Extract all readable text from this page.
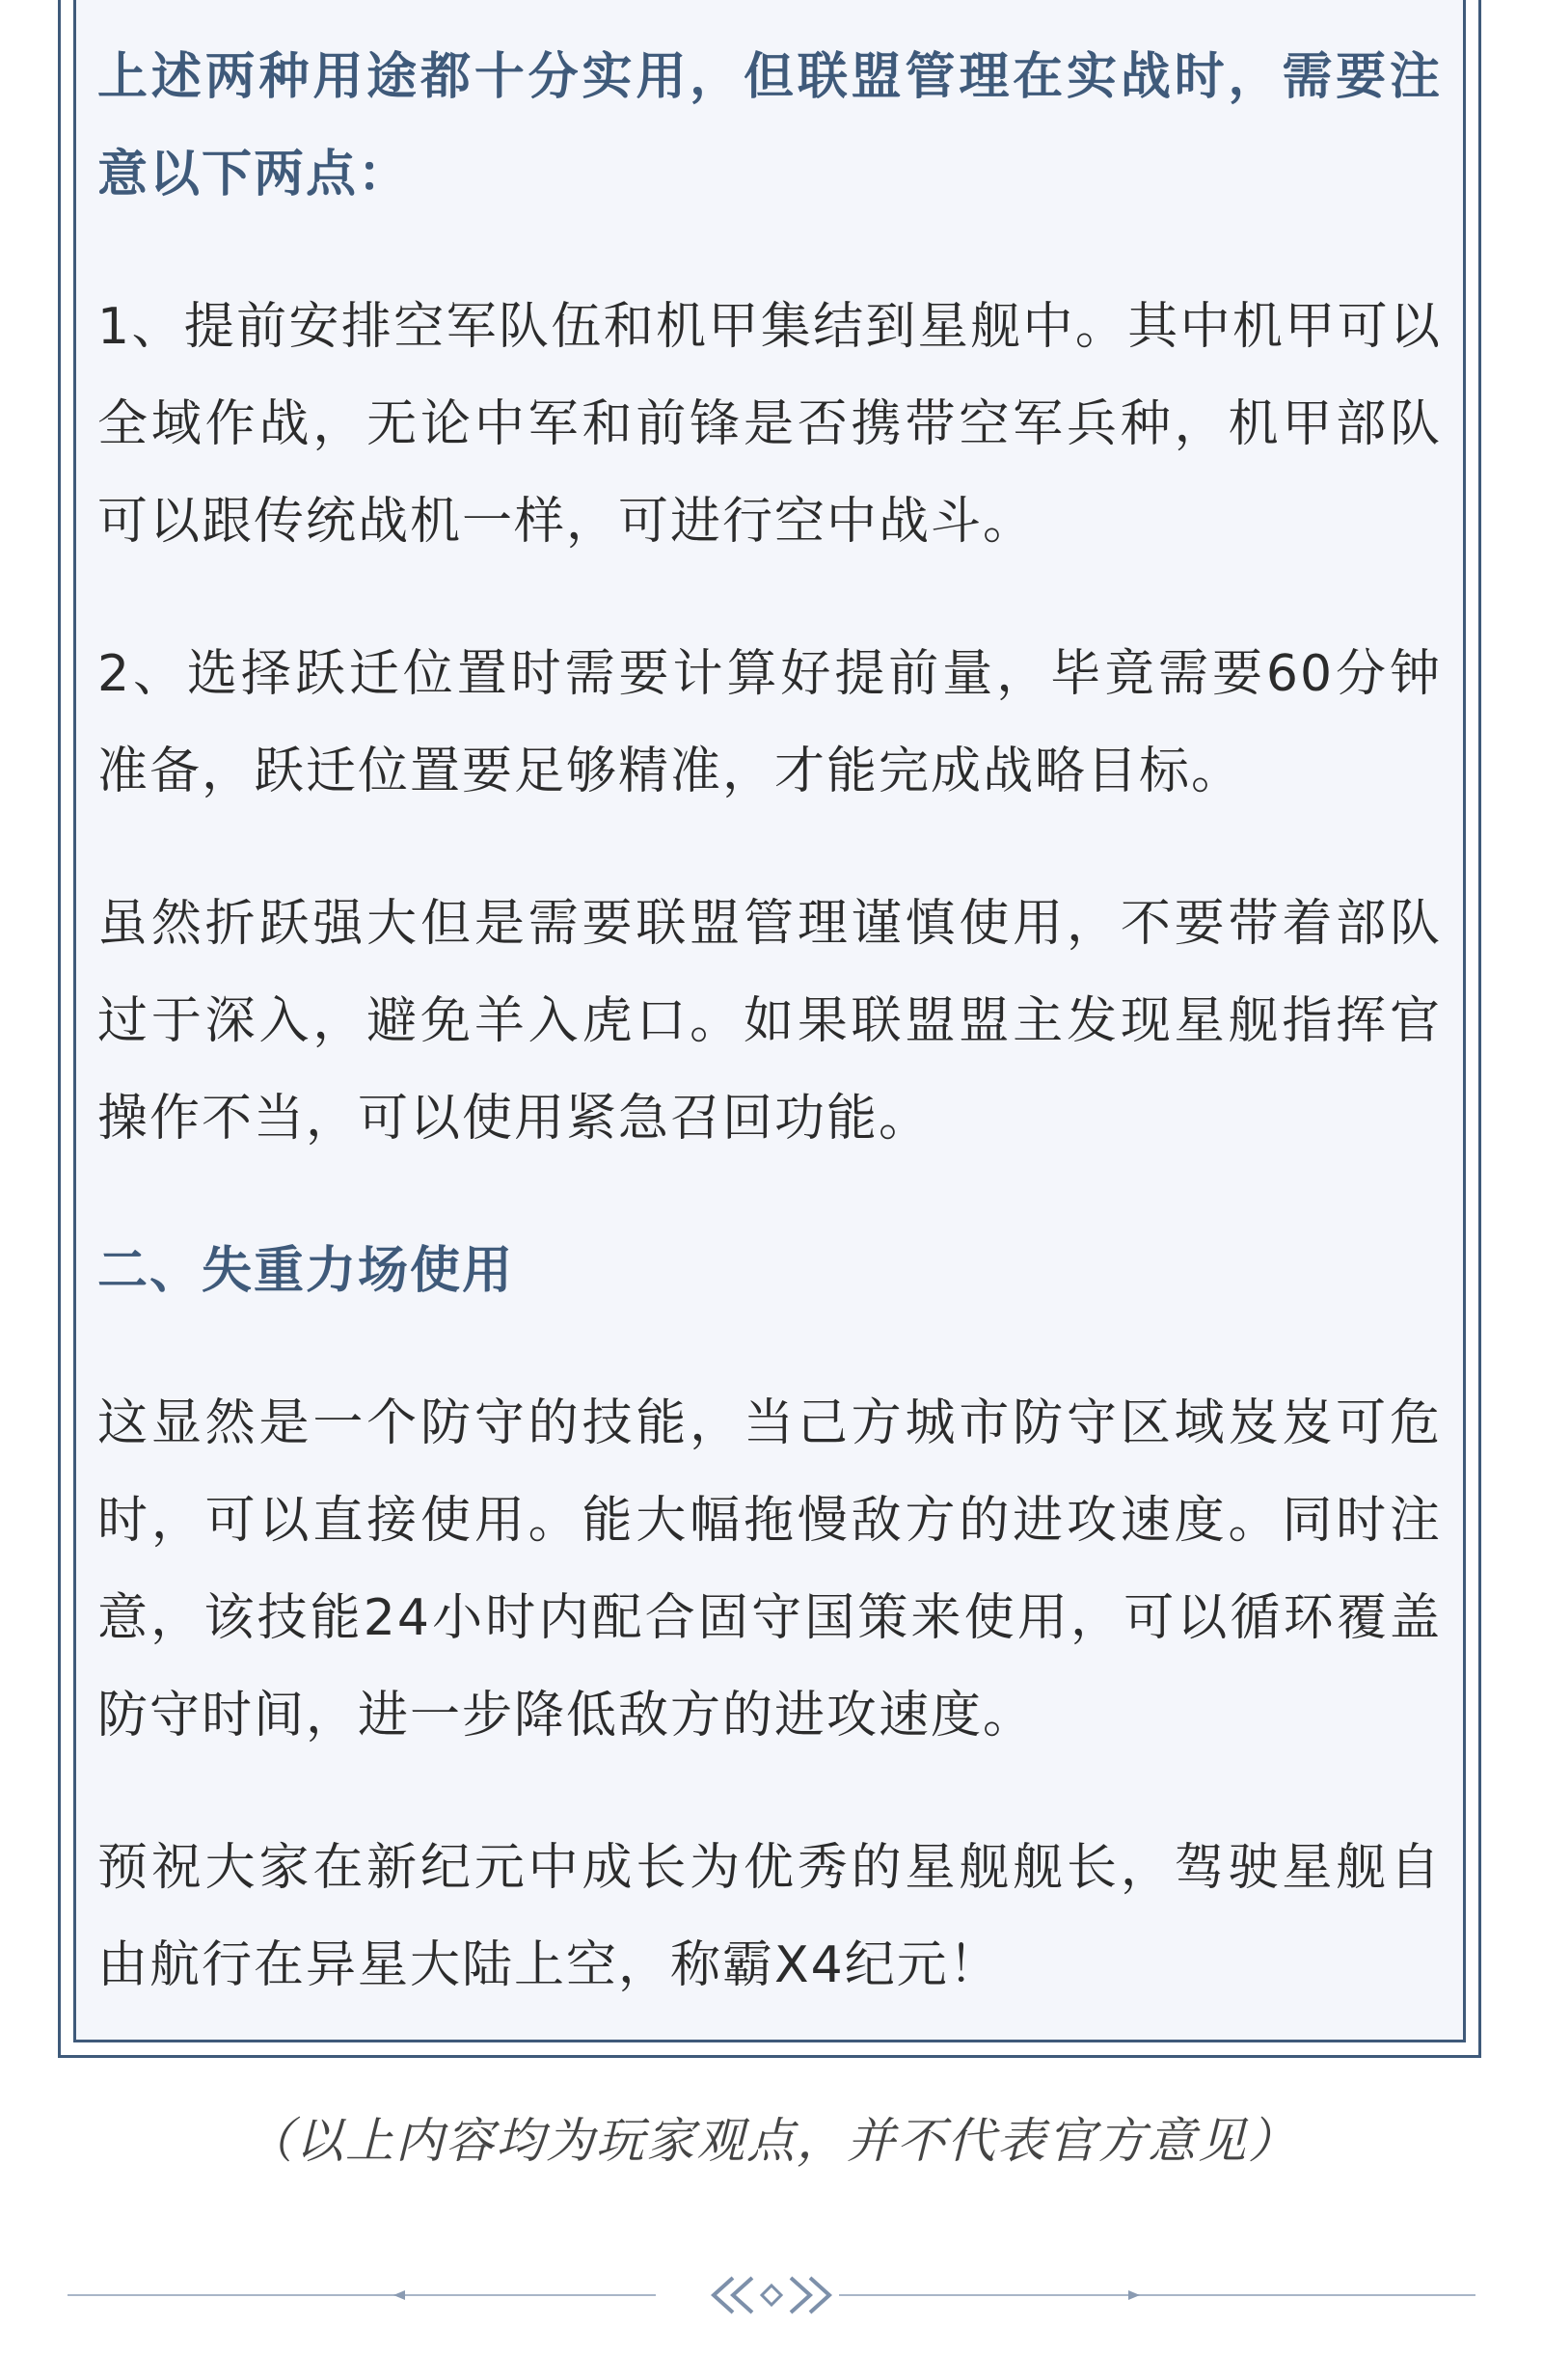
上述两种用途都十分实用，但联盟管理在实战时，需要注意以下两点：

1、提前安排空军队伍和机甲集结到星舰中。其中机甲可以全域作战，无论中军和前锋是否携带空军兵种，机甲部队可以跟传统战机一样，可进行空中战斗。

2、选择跃迁位置时需要计算好提前量，毕竟需要60分钟准备，跃迁位置要足够精准，才能完成战略目标。

虽然折跃强大但是需要联盟管理谨慎使用，不要带着部队过于深入，避免羊入虎口。如果联盟盟主发现星舰指挥官操作不当，可以使用紧急召回功能。

二、失重力场使用

这显然是一个防守的技能，当己方城市防守区域岌岌可危时，可以直接使用。能大幅拖慢敌方的进攻速度。同时注意，该技能24小时内配合固守国策来使用，可以循环覆盖防守时间，进一步降低敌方的进攻速度。

预祝大家在新纪元中成长为优秀的星舰舰长，驾驶星舰自由航行在异星大陆上空，称霸X4纪元！

（以上内容均为玩家观点，并不代表官方意见）
